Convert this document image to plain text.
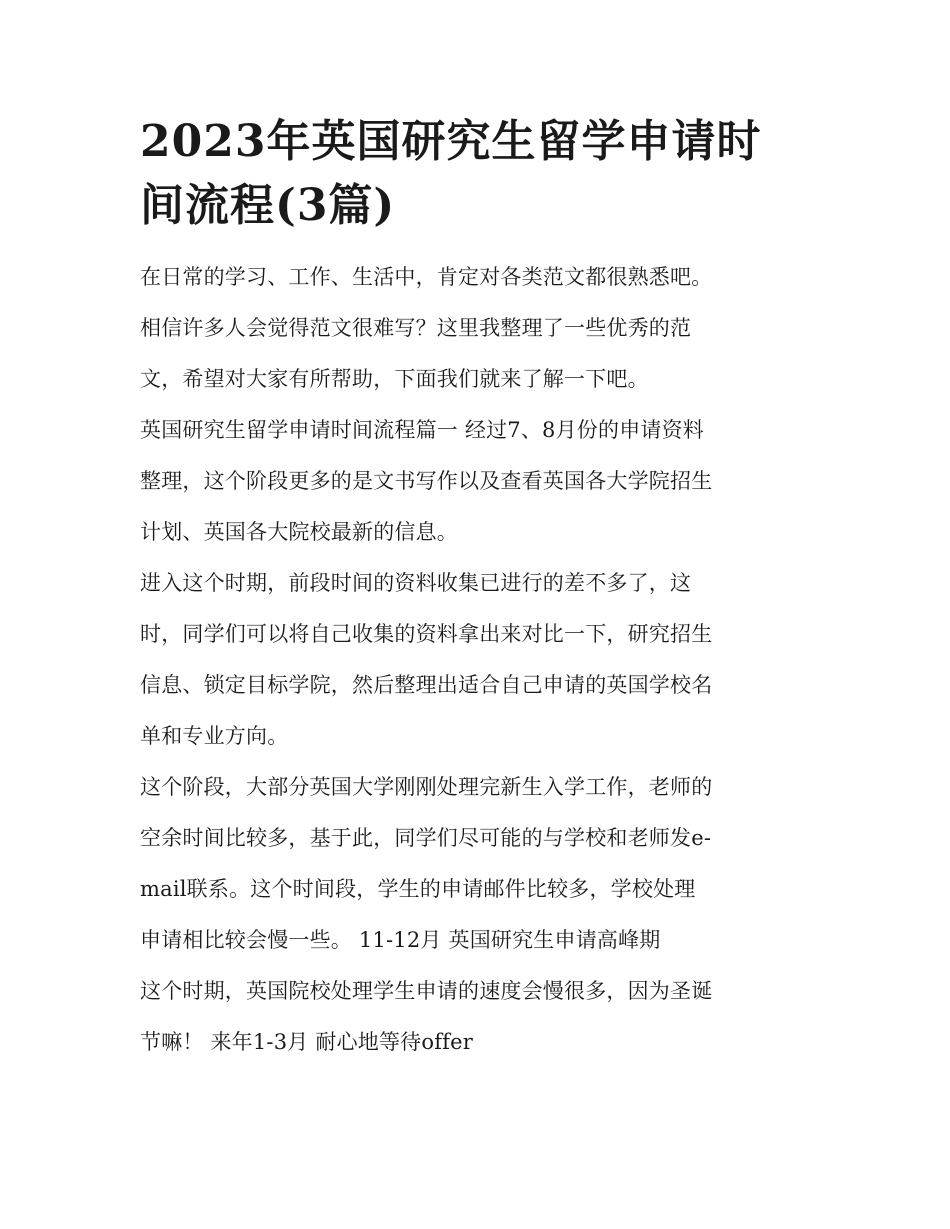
2023年英国研究生留学申请时
间流程(3篇)

在日常的学习、工作、生活中，肯定对各类范文都很熟悉吧。
相信许多人会觉得范文很难写？这里我整理了一些优秀的范
文，希望对大家有所帮助，下面我们就来了解一下吧。

英国研究生留学申请时间流程篇一 经过7、8月份的申请资料
整理，这个阶段更多的是文书写作以及查看英国各大学院招生
计划、英国各大院校最新的信息。

进入这个时期，前段时间的资料收集已进行的差不多了，这
时，同学们可以将自己收集的资料拿出来对比一下，研究招生
信息、锁定目标学院，然后整理出适合自己申请的英国学校名
单和专业方向。

这个阶段，大部分英国大学刚刚处理完新生入学工作，老师的
空余时间比较多，基于此，同学们尽可能的与学校和老师发e-
mail联系。这个时间段，学生的申请邮件比较多，学校处理
申请相比较会慢一些。 11-12月 英国研究生申请高峰期

这个时期，英国院校处理学生申请的速度会慢很多，因为圣诞
节嘛！ 来年1-3月 耐心地等待offer
